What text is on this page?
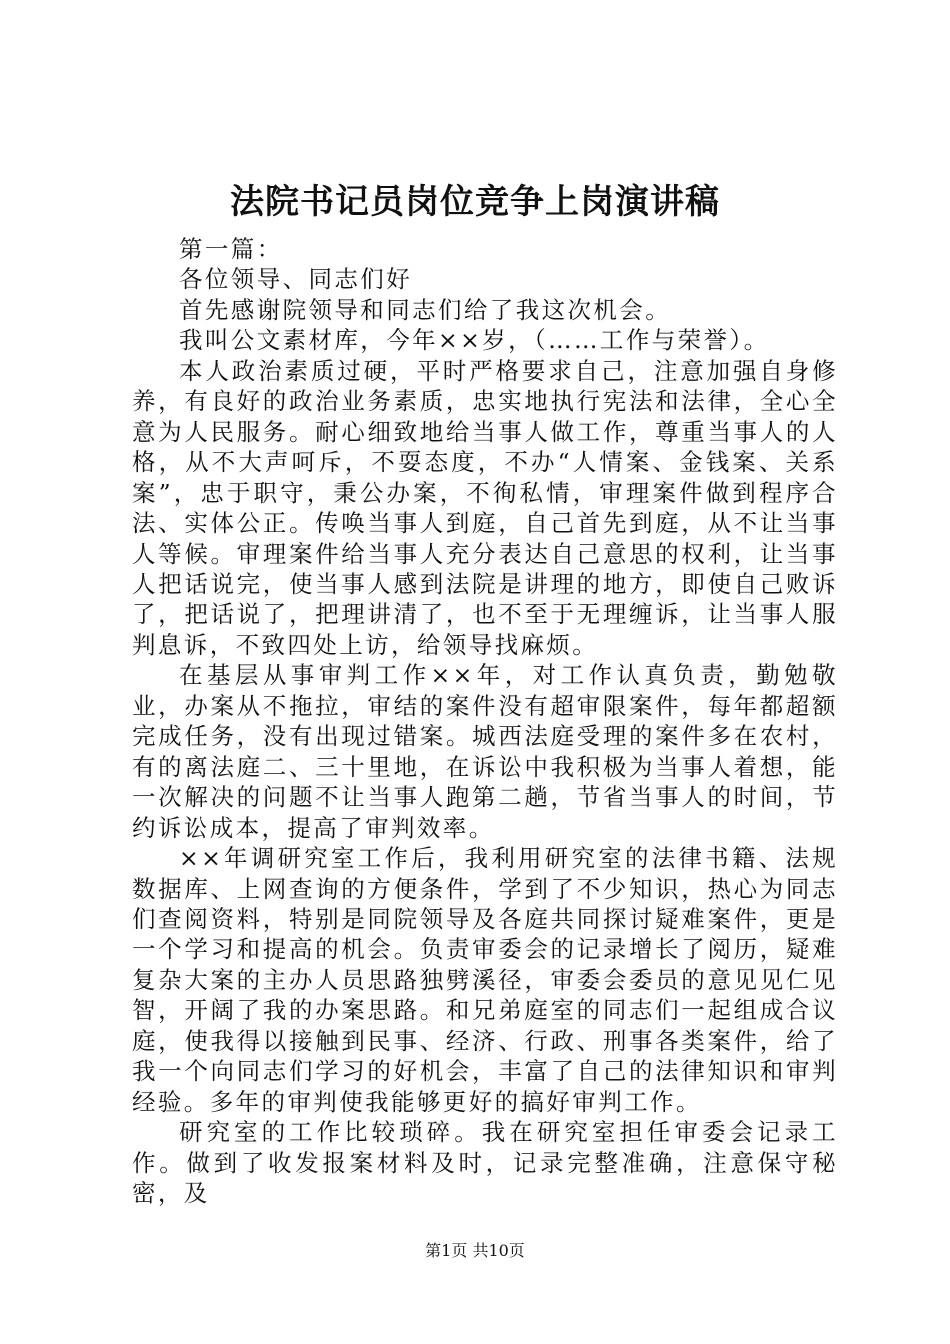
法院书记员岗位竞争上岗演讲稿

第一篇：

各位领导、同志们好

首先感谢院领导和同志们给了我这次机会。

我叫公文素材库，今年××岁，（……工作与荣誉）。

本人政治素质过硬，平时严格要求自己，注意加强自身修养，有良好的政治业务素质，忠实地执行宪法和法律，全心全意为人民服务。耐心细致地给当事人做工作，尊重当事人的人格，从不大声呵斥，不耍态度，不办“人情案、金钱案、关系案”，忠于职守，秉公办案，不徇私情，审理案件做到程序合法、实体公正。传唤当事人到庭，自己首先到庭，从不让当事人等候。审理案件给当事人充分表达自己意思的权利，让当事人把话说完，使当事人感到法院是讲理的地方，即使自己败诉了，把话说了，把理讲清了，也不至于无理缠诉，让当事人服判息诉，不致四处上访，给领导找麻烦。

在基层从事审判工作××年，对工作认真负责，勤勉敬业，办案从不拖拉，审结的案件没有超审限案件，每年都超额完成任务，没有出现过错案。城西法庭受理的案件多在农村，有的离法庭二、三十里地，在诉讼中我积极为当事人着想，能一次解决的问题不让当事人跑第二趟，节省当事人的时间，节约诉讼成本，提高了审判效率。

××年调研究室工作后，我利用研究室的法律书籍、法规数据库、上网查询的方便条件，学到了不少知识，热心为同志们查阅资料，特别是同院领导及各庭共同探讨疑难案件，更是一个学习和提高的机会。负责审委会的记录增长了阅历，疑难复杂大案的主办人员思路独劈溪径，审委会委员的意见见仁见智，开阔了我的办案思路。和兄弟庭室的同志们一起组成合议庭，使我得以接触到民事、经济、行政、刑事各类案件，给了我一个向同志们学习的好机会，丰富了自己的法律知识和审判经验。多年的审判使我能够更好的搞好审判工作。

研究室的工作比较琐碎。我在研究室担任审委会记录工作。做到了收发报案材料及时，记录完整准确，注意保守秘密，及

第1页 共10页
